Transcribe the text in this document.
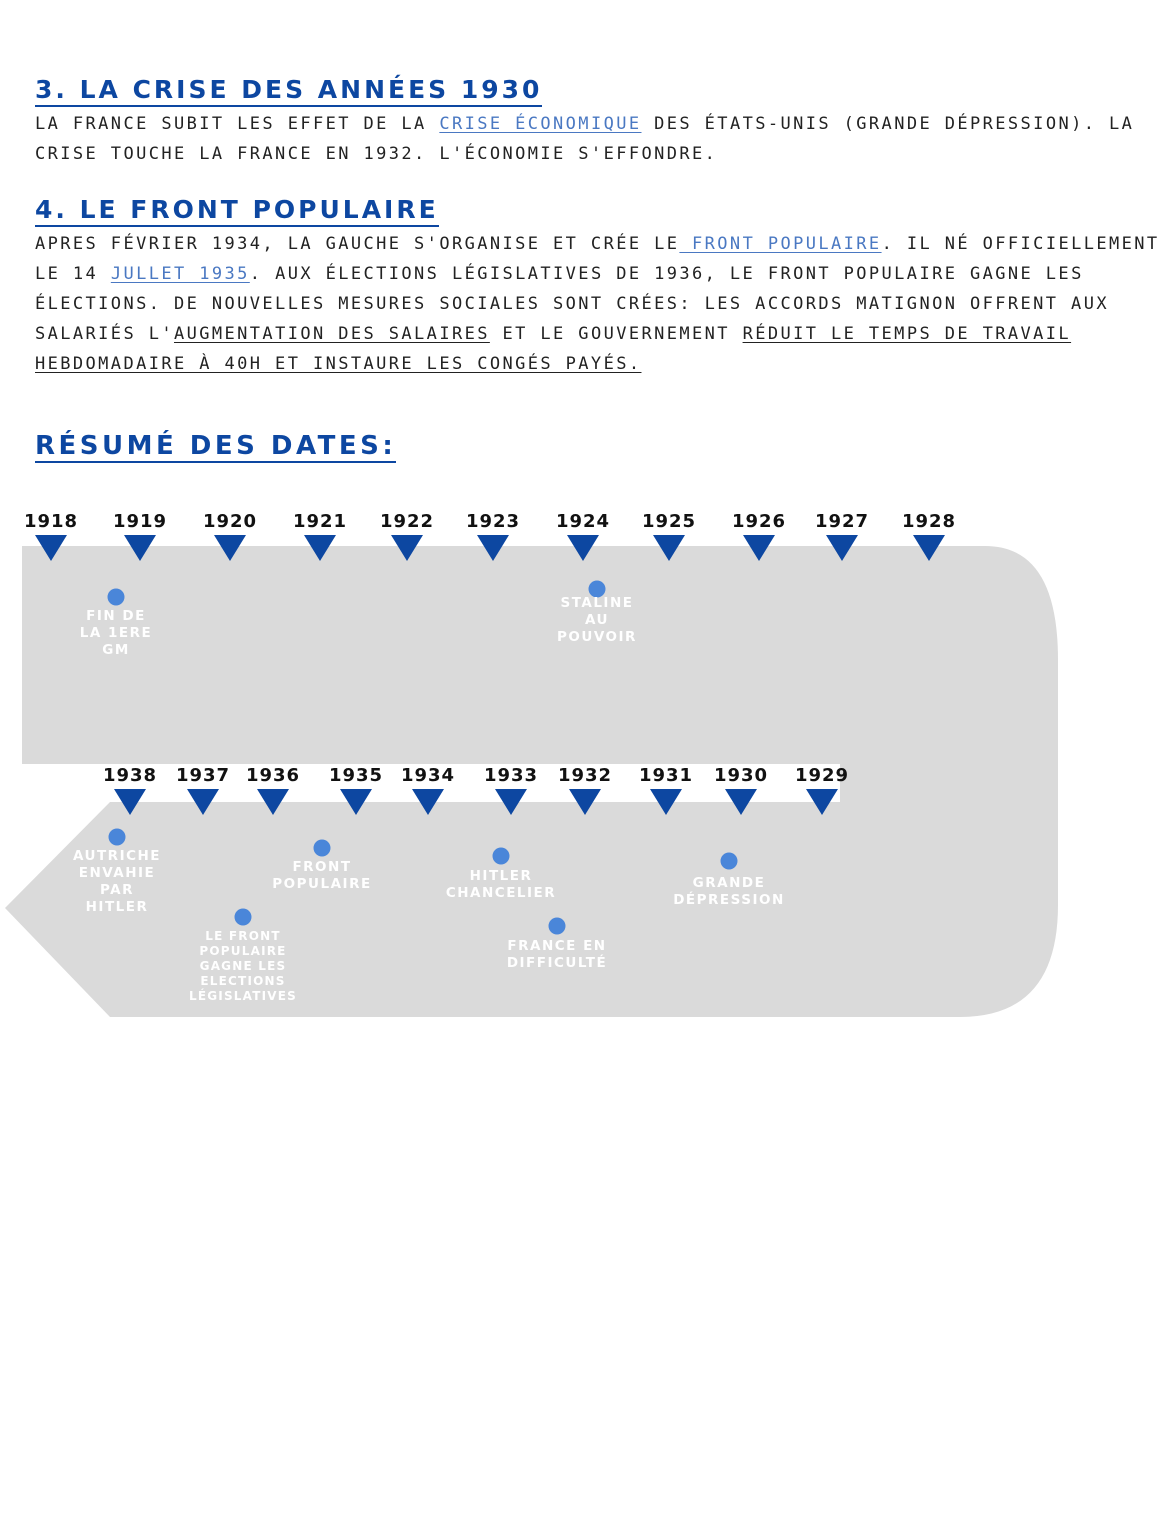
3. LA CRISE DES ANNÉES 1930
LA FRANCE SUBIT LES EFFET DE LA CRISE ÉCONOMIQUE DES ÉTATS-UNIS (GRANDE DÉPRESSION). LA
CRISE TOUCHE LA FRANCE EN 1932. L'ÉCONOMIE S'EFFONDRE.
4. LE FRONT POPULAIRE
APRES FÉVRIER 1934, LA GAUCHE S'ORGANISE ET CRÉE LE FRONT POPULAIRE. IL NÉ OFFICIELLEMENT
LE 14 JULLET 1935. AUX ÉLECTIONS LÉGISLATIVES DE 1936, LE FRONT POPULAIRE GAGNE LES
ÉLECTIONS. DE NOUVELLES MESURES SOCIALES SONT CRÉES: LES ACCORDS MATIGNON OFFRENT AUX
SALARIÉS L'AUGMENTATION DES SALAIRES ET LE GOUVERNEMENT RÉDUIT LE TEMPS DE TRAVAIL
HEBDOMADAIRE À 40H ET INSTAURE LES CONGÉS PAYÉS.
RÉSUMÉ DES DATES:
1918 1919 1920 1921 1922 1923 1924 1925 1926 1927 1928
1938 1937 1936 1935 1934 1933 1932 1931 1930 1929
FIN DE LA 1ERE GM
STALINE AU POUVOIR
AUTRICHE ENVAHIE PAR HITLER
LE FRONT POPULAIRE GAGNE LES ELECTIONS LÉGISLATIVES
FRONT POPULAIRE	HITLER CHANCELIER
FRANCE EN DIFFICULTÉ
GRANDE DÉPRESSION
